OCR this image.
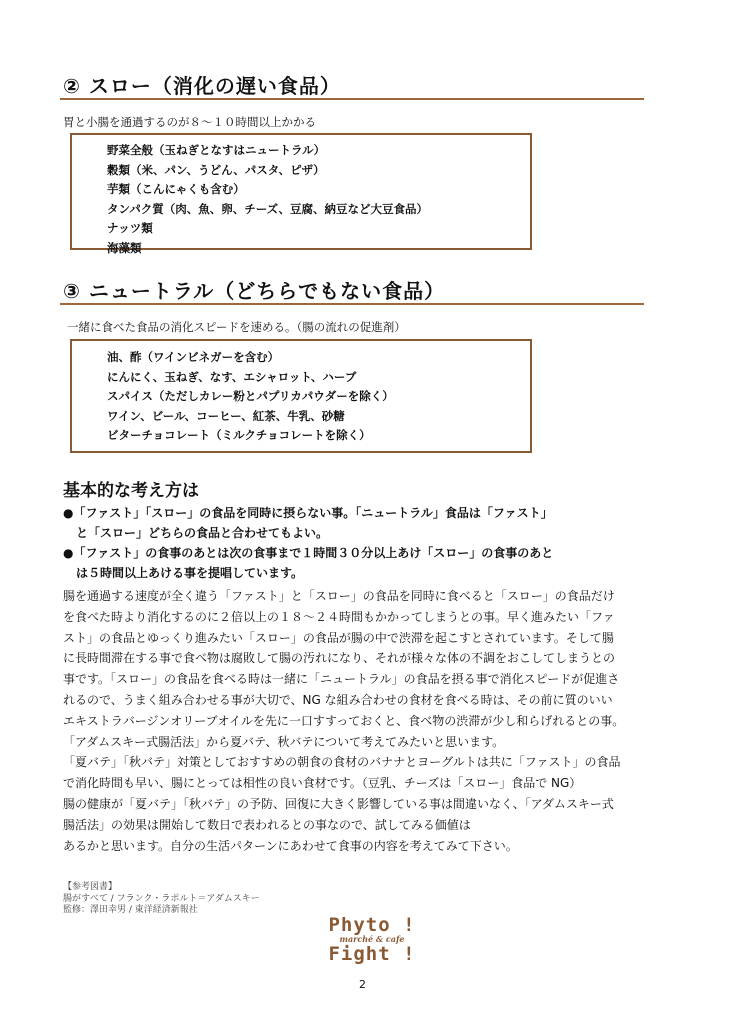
② スロー（消化の遅い食品）
胃と小腸を通過するのが８～１０時間以上かかる
野菜全般（玉ねぎとなすはニュートラル）
穀類（米、パン、うどん、パスタ、ピザ）
芋類（こんにゃくも含む）
タンパク質（肉、魚、卵、チーズ、豆腐、納豆など大豆食品）
ナッツ類
海藻類
③ ニュートラル（どちらでもない食品）
一緒に食べた食品の消化スピードを速める。（腸の流れの促進剤）
油、酢（ワインビネガーを含む）
にんにく、玉ねぎ、なす、エシャロット、ハーブ
スパイス（ただしカレー粉とパプリカパウダーを除く）
ワイン、ビール、コーヒー、紅茶、牛乳、砂糖
ビターチョコレート（ミルクチョコレートを除く）
基本的な考え方は
●「ファスト」「スロー」の食品を同時に摂らない事。「ニュートラル」食品は「ファスト」
と「スロー」どちらの食品と合わせてもよい。
●「ファスト」の食事のあとは次の食事まで１時間３０分以上あけ「スロー」の食事のあと
は５時間以上あける事を提唱しています。
腸を通過する速度が全く違う「ファスト」と「スロー」の食品を同時に食べると「スロー」の食品だけ
を食べた時より消化するのに２倍以上の１８～２４時間もかかってしまうとの事。早く進みたい「ファ
スト」の食品とゆっくり進みたい「スロー」の食品が腸の中で渋滞を起こすとされています。そして腸
に長時間滞在する事で食べ物は腐敗して腸の汚れになり、それが様々な体の不調をおこしてしまうとの
事です。「スロー」の食品を食べる時は一緒に「ニュートラル」の食品を摂る事で消化スピードが促進さ
れるので、うまく組み合わせる事が大切で、NG な組み合わせの食材を食べる時は、その前に質のいい
エキストラバージンオリーブオイルを先に一口すすっておくと、食べ物の渋滞が少し和らげれるとの事。
「アダムスキー式腸活法」から夏バテ、秋バテについて考えてみたいと思います。
「夏バテ」「秋バテ」対策としておすすめの朝食の食材のバナナとヨーグルトは共に「ファスト」の食品
で消化時間も早い、腸にとっては相性の良い食材です。（豆乳、チーズは「スロー」食品で NG）
腸の健康が「夏バテ」「秋バテ」の予防、回復に大きく影響している事は間違いなく、「アダムスキー式
腸活法」の効果は開始して数日で表われるとの事なので、試してみる価値は
あるかと思います。自分の生活パターンにあわせて食事の内容を考えてみて下さい。
【参考図書】
腸がすべて / フランク・ラポルト＝アダムスキー
監修：澤田幸男 / 東洋経済新報社
Phyto !
marché & cafe
Fight !
2
